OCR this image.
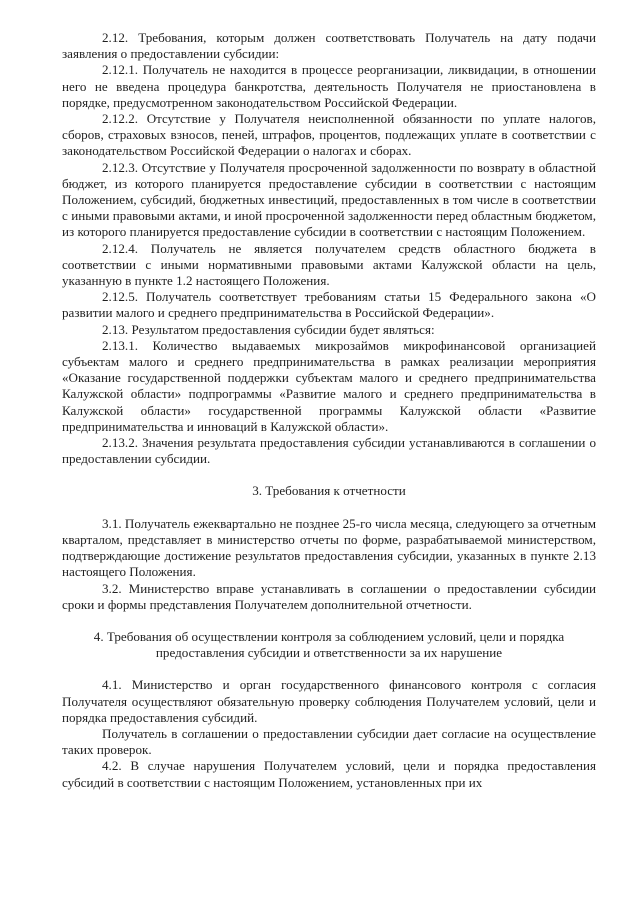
2.12. Требования, которым должен соответствовать Получатель на дату подачи заявления о предоставлении субсидии:

2.12.1. Получатель не находится в процессе реорганизации, ликвидации, в отношении него не введена процедура банкротства, деятельность Получателя не приостановлена в порядке, предусмотренном законодательством Российской Федерации.

2.12.2. Отсутствие у Получателя неисполненной обязанности по уплате налогов, сборов, страховых взносов, пеней, штрафов, процентов, подлежащих уплате в соответствии с законодательством Российской Федерации о налогах и сборах.

2.12.3. Отсутствие у Получателя просроченной задолженности по возврату в областной бюджет, из которого планируется предоставление субсидии в соответствии с настоящим Положением, субсидий, бюджетных инвестиций, предоставленных в том числе в соответствии с иными правовыми актами, и иной просроченной задолженности перед областным бюджетом, из которого планируется предоставление субсидии в соответствии с настоящим Положением.

2.12.4. Получатель не является получателем средств областного бюджета в соответствии с иными нормативными правовыми актами Калужской области на цель, указанную в пункте 1.2 настоящего Положения.

2.12.5. Получатель соответствует требованиям статьи 15 Федерального закона «О развитии малого и среднего предпринимательства в Российской Федерации».

2.13. Результатом предоставления субсидии будет являться:

2.13.1. Количество выдаваемых микрозаймов микрофинансовой организацией субъектам малого и среднего предпринимательства в рамках реализации мероприятия «Оказание государственной поддержки субъектам малого и среднего предпринимательства Калужской области» подпрограммы «Развитие малого и среднего предпринимательства в Калужской области» государственной программы Калужской области «Развитие предпринимательства и инноваций в Калужской области».

2.13.2. Значения результата предоставления субсидии устанавливаются в соглашении о предоставлении субсидии.

3. Требования к отчетности

3.1. Получатель ежеквартально не позднее 25-го числа месяца, следующего за отчетным кварталом, представляет в министерство отчеты по форме, разрабатываемой министерством, подтверждающие достижение результатов предоставления субсидии, указанных в пункте 2.13 настоящего Положения.

3.2. Министерство вправе устанавливать в соглашении о предоставлении субсидии сроки и формы представления Получателем дополнительной отчетности.

4. Требования об осуществлении контроля за соблюдением условий, цели и порядка предоставления субсидии и ответственности за их нарушение

4.1. Министерство и орган государственного финансового контроля с согласия Получателя осуществляют обязательную проверку соблюдения Получателем условий, цели и порядка предоставления субсидий.

Получатель в соглашении о предоставлении субсидии дает согласие на осуществление таких проверок.

4.2. В случае нарушения Получателем условий, цели и порядка предоставления субсидий в соответствии с настоящим Положением, установленных при их
